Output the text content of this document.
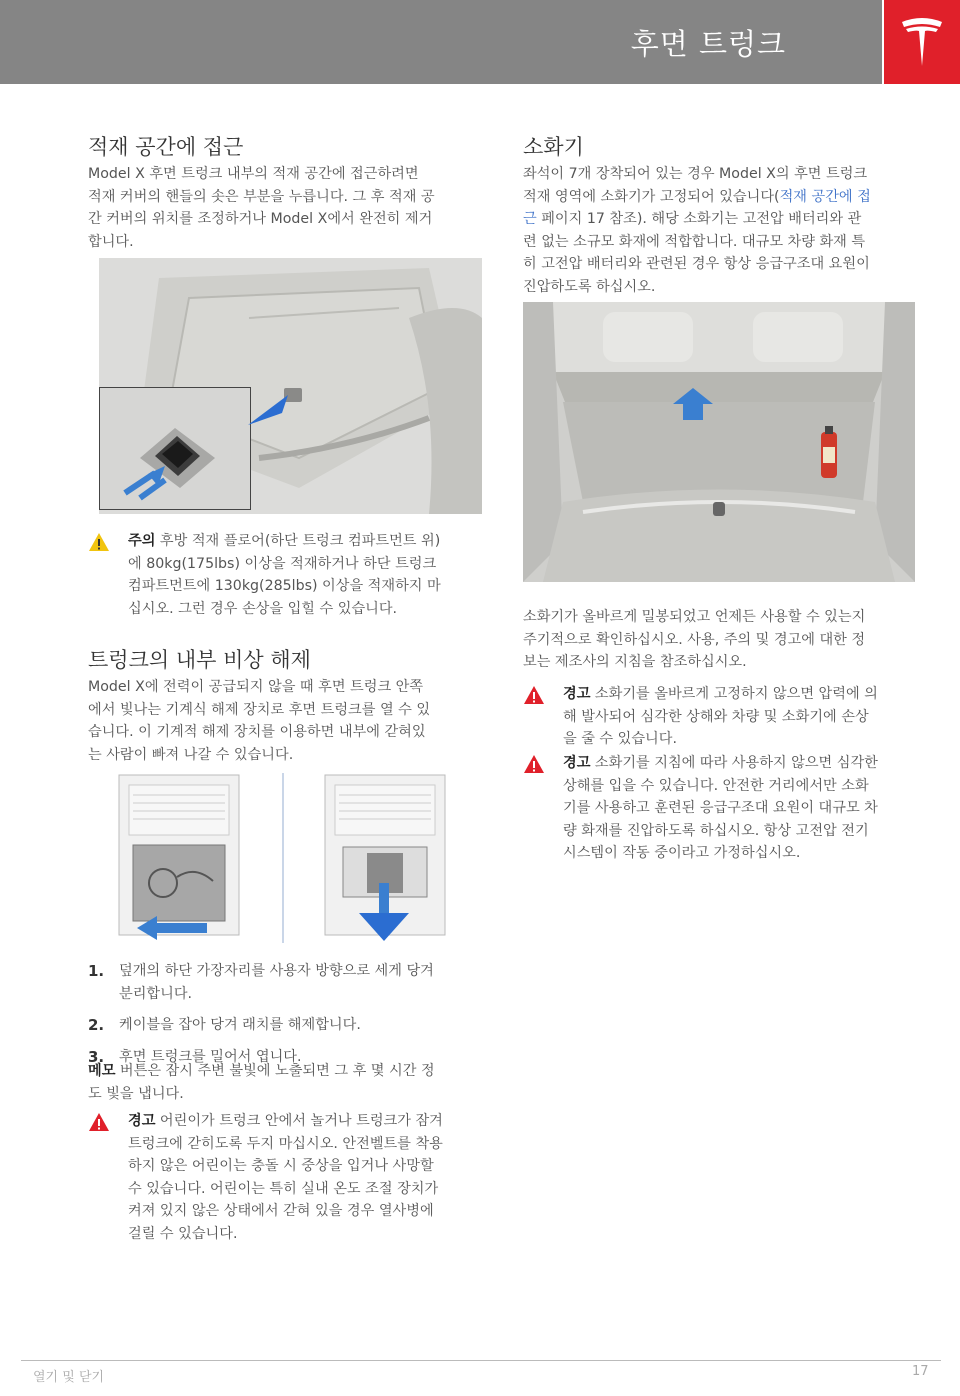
후면 트렁크
적재 공간에 접근

Model X 후면 트렁크 내부의 적재 공간에 접근하려면
적재 커버의 핸들의 솟은 부분을 누릅니다. 그 후 적재 공
간 커버의 위치를 조정하거나 Model X에서 완전히 제거
합니다.

주의 후방 적재 플로어(하단 트렁크 컴파트먼트 위)
에 80kg(175lbs) 이상을 적재하거나 하단 트렁크
컴파트먼트에 130kg(285lbs) 이상을 적재하지 마
십시오. 그런 경우 손상을 입힐 수 있습니다.
트렁크의 내부 비상 해제

Model X에 전력이 공급되지 않을 때 후면 트렁크 안쪽
에서 빛나는 기계식 해제 장치로 후면 트렁크를 열 수 있
습니다. 이 기계적 해제 장치를 이용하면 내부에 갇혀있
는 사람이 빠져 나갈 수 있습니다.

1. 덮개의 하단 가장자리를 사용자 방향으로 세게 당겨
분리합니다.
2. 케이블을 잡아 당겨 래치를 해제합니다.
3. 후면 트렁크를 밀어서 엽니다.

메모 버튼은 잠시 주변 불빛에 노출되면 그 후 몇 시간 정
도 빛을 냅니다.

경고 어린이가 트렁크 안에서 놀거나 트렁크가 잠겨
트렁크에 갇히도록 두지 마십시오. 안전벨트를 착용
하지 않은 어린이는 충돌 시 중상을 입거나 사망할
수 있습니다. 어린이는 특히 실내 온도 조절 장치가
켜져 있지 않은 상태에서 갇혀 있을 경우 열사병에
걸릴 수 있습니다.
소화기

좌석이 7개 장착되어 있는 경우 Model X의 후면 트렁크
적재 영역에 소화기가 고정되어 있습니다(적재 공간에 접
근 페이지 17 참조). 해당 소화기는 고전압 배터리와 관
련 없는 소규모 화재에 적합합니다. 대규모 차량 화재 특
히 고전압 배터리와 관련된 경우 항상 응급구조대 요원이
진압하도록 하십시오.

소화기가 올바르게 밀봉되었고 언제든 사용할 수 있는지
주기적으로 확인하십시오. 사용, 주의 및 경고에 대한 정
보는 제조사의 지침을 참조하십시오.

경고 소화기를 올바르게 고정하지 않으면 압력에 의
해 발사되어 심각한 상해와 차량 및 소화기에 손상
을 줄 수 있습니다.
경고 소화기를 지침에 따라 사용하지 않으면 심각한
상해를 입을 수 있습니다. 안전한 거리에서만 소화
기를 사용하고 훈련된 응급구조대 요원이 대규모 차
량 화재를 진압하도록 하십시오. 항상 고전압 전기
시스템이 작동 중이라고 가정하십시오.
열기 및 닫기	17
